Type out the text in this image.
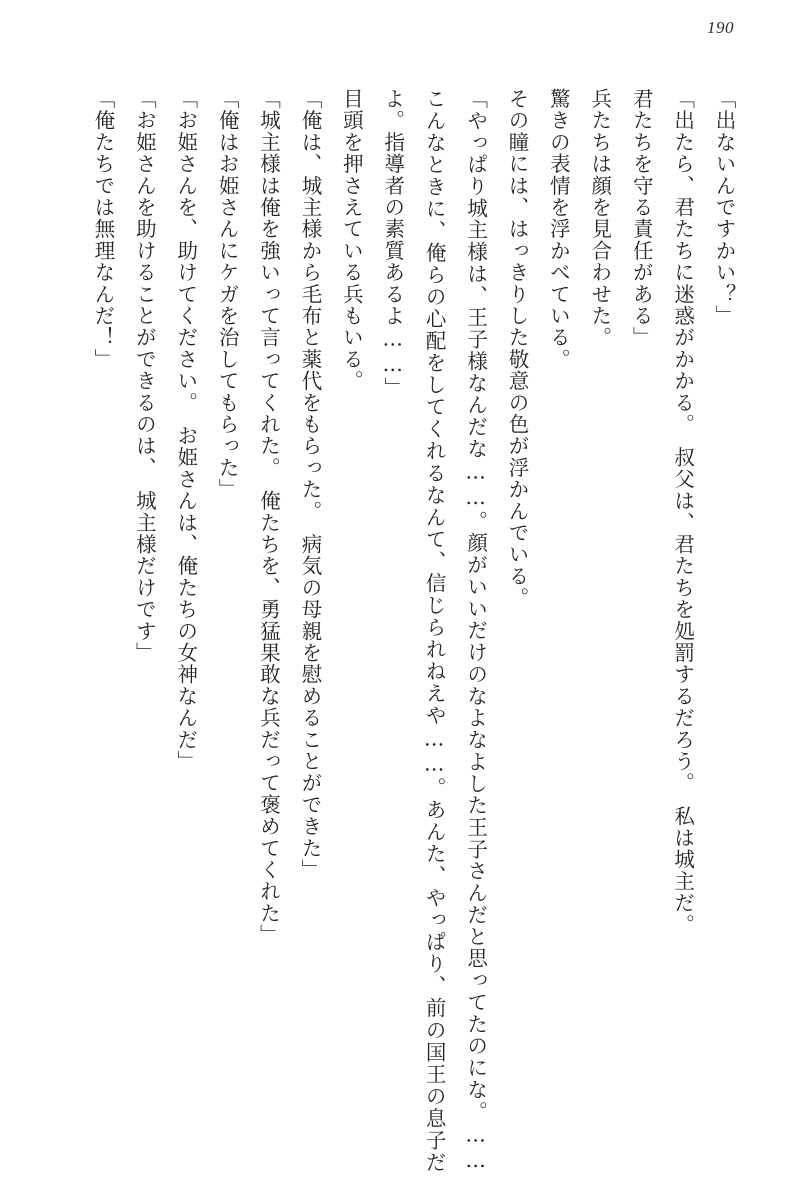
190

「出ないんですかい？」

「出たら、君たちに迷惑がかかる。　叔父は、君たちを処罰するだろう。　私は城主だ。

君たちを守る責任がある」

兵たちは顔を見合わせた。

驚きの表情を浮かべている。

その瞳には、はっきりした敬意の色が浮かんでいる。

「やっぱり城主様は、王子様なんだな……。顔がいいだけのなよなよした王子さんだと思ってたのにな。……こんなときに、俺らの心配をしてくれるなんて、信じられねえや……。あんた、やっぱり、前の国王の息子だよ。指導者の素質あるよ……」

目頭を押さえている兵もいる。

「俺は、城主様から毛布と薬代をもらった。　病気の母親を慰めることができた」

「城主様は俺を強いって言ってくれた。　俺たちを、勇猛果敢な兵だって褒めてくれた」

「俺はお姫さんにケガを治してもらった」

「お姫さんを、助けてください。　お姫さんは、俺たちの女神なんだ」

「お姫さんを助けることができるのは、　城主様だけです」

「俺たちでは無理なんだ！」
